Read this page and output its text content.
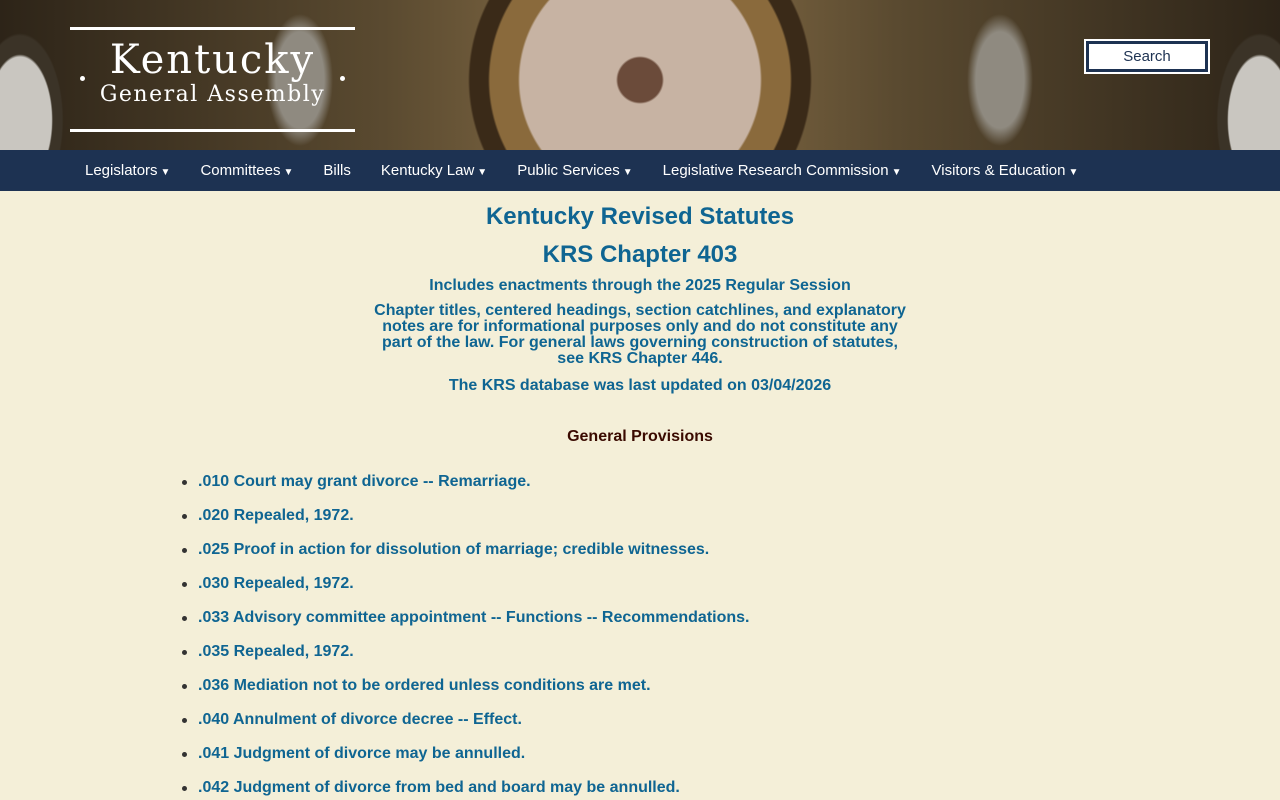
Kentucky
General Assembly
Search
Legislators ▼	Committees ▼	Bills	Kentucky Law ▼	Public Services ▼	Legislative Research Commission ▼	Visitors & Education ▼
Kentucky Revised Statutes
KRS Chapter 403
Includes enactments through the 2025 Regular Session
Chapter titles, centered headings, section catchlines, and explanatory notes are for informational purposes only and do not constitute any part of the law. For general laws governing construction of statutes, see KRS Chapter 446.
The KRS database was last updated on 03/04/2026
General Provisions
.010 Court may grant divorce -- Remarriage.
.020 Repealed, 1972.
.025 Proof in action for dissolution of marriage; credible witnesses.
.030 Repealed, 1972.
.033 Advisory committee appointment -- Functions -- Recommendations.
.035 Repealed, 1972.
.036 Mediation not to be ordered unless conditions are met.
.040 Annulment of divorce decree -- Effect.
.041 Judgment of divorce may be annulled.
.042 Judgment of divorce from bed and board may be annulled.
